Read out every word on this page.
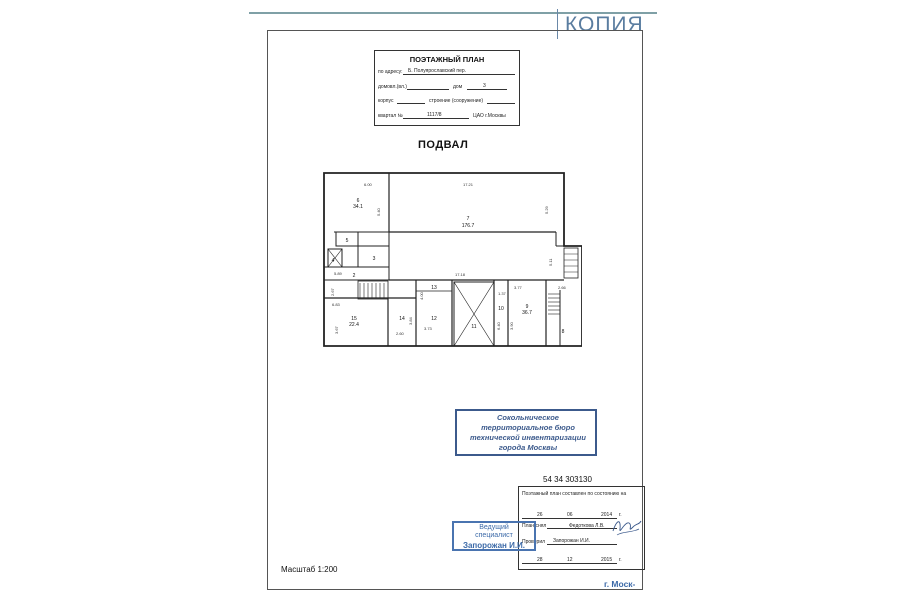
КОПИЯ
ПОЭТАЖНЫЙ ПЛАН
по адресу: Б. Полуярославский пер.
домовл.(вл.)	дом	3
корпус	строение (сооружение)
квартал №	1117/8	ЦАО г.Москвы
ПОДВАЛ
6
34.1
7
176.7
5
4	3
2
15
22.4
14
13
12
11
10	9
36.7
8
6.00	17.21
5.40	5.29
17.18
5.11
5.89
2.67
6.83
3.67	2.60
3.84
4.00
3.73
1.37
3.77	2.66
6.40 3.90
Сокольническое
территориальное бюро
технической инвентаризации
города Москвы
54 34 303130
Поэтажный план составлен по состоянию на
26	06	2014 г.
План снял	Федоткова Л.В.
Проверил Запорожан И.И.
28	12	2015 г.
Ведущий
специалист
Запорожан И.И.
Масштаб 1:200
г. Моск-
